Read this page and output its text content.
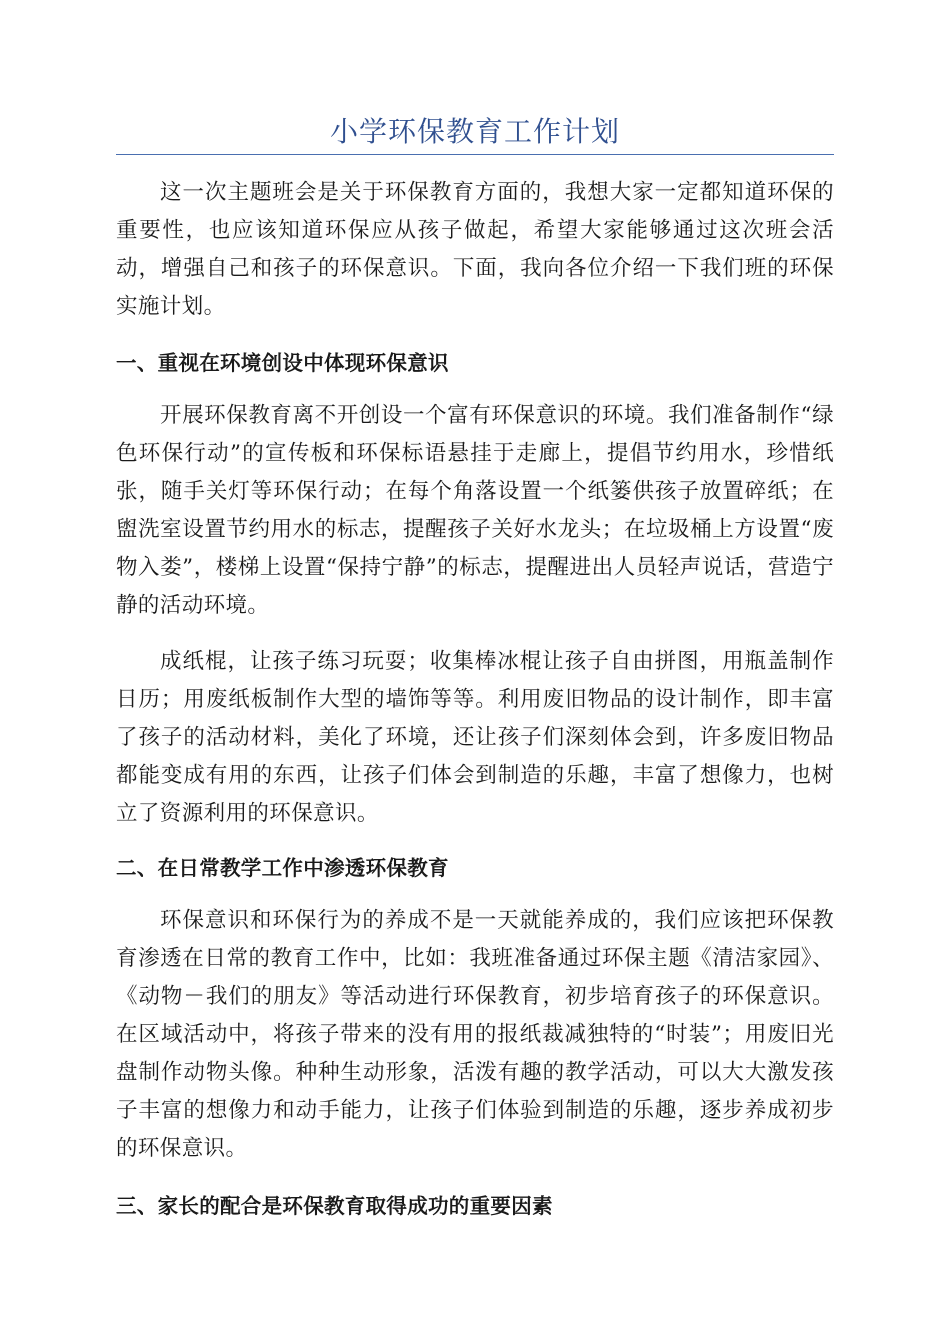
小学环保教育工作计划

这一次主题班会是关于环保教育方面的，我想大家一定都知道环保的重要性，也应该知道环保应从孩子做起，希望大家能够通过这次班会活动，增强自己和孩子的环保意识。下面，我向各位介绍一下我们班的环保实施计划。

一、重视在环境创设中体现环保意识

开展环保教育离不开创设一个富有环保意识的环境。我们准备制作“绿色环保行动”的宣传板和环保标语悬挂于走廊上，提倡节约用水，珍惜纸张，随手关灯等环保行动；在每个角落设置一个纸篓供孩子放置碎纸；在盥洗室设置节约用水的标志，提醒孩子关好水龙头；在垃圾桶上方设置“废物入娄”，楼梯上设置“保持宁静”的标志，提醒进出人员轻声说话，营造宁静的活动环境。

成纸棍，让孩子练习玩耍；收集棒冰棍让孩子自由拼图，用瓶盖制作日历；用废纸板制作大型的墙饰等等。利用废旧物品的设计制作，即丰富了孩子的活动材料，美化了环境，还让孩子们深刻体会到，许多废旧物品都能变成有用的东西，让孩子们体会到制造的乐趣，丰富了想像力，也树立了资源利用的环保意识。

二、在日常教学工作中渗透环保教育

环保意识和环保行为的养成不是一天就能养成的，我们应该把环保教育渗透在日常的教育工作中，比如：我班准备通过环保主题《清洁家园》、《动物－我们的朋友》等活动进行环保教育，初步培育孩子的环保意识。在区域活动中，将孩子带来的没有用的报纸裁减独特的“时装”；用废旧光盘制作动物头像。种种生动形象，活泼有趣的教学活动，可以大大激发孩子丰富的想像力和动手能力，让孩子们体验到制造的乐趣，逐步养成初步的环保意识。

三、家长的配合是环保教育取得成功的重要因素
